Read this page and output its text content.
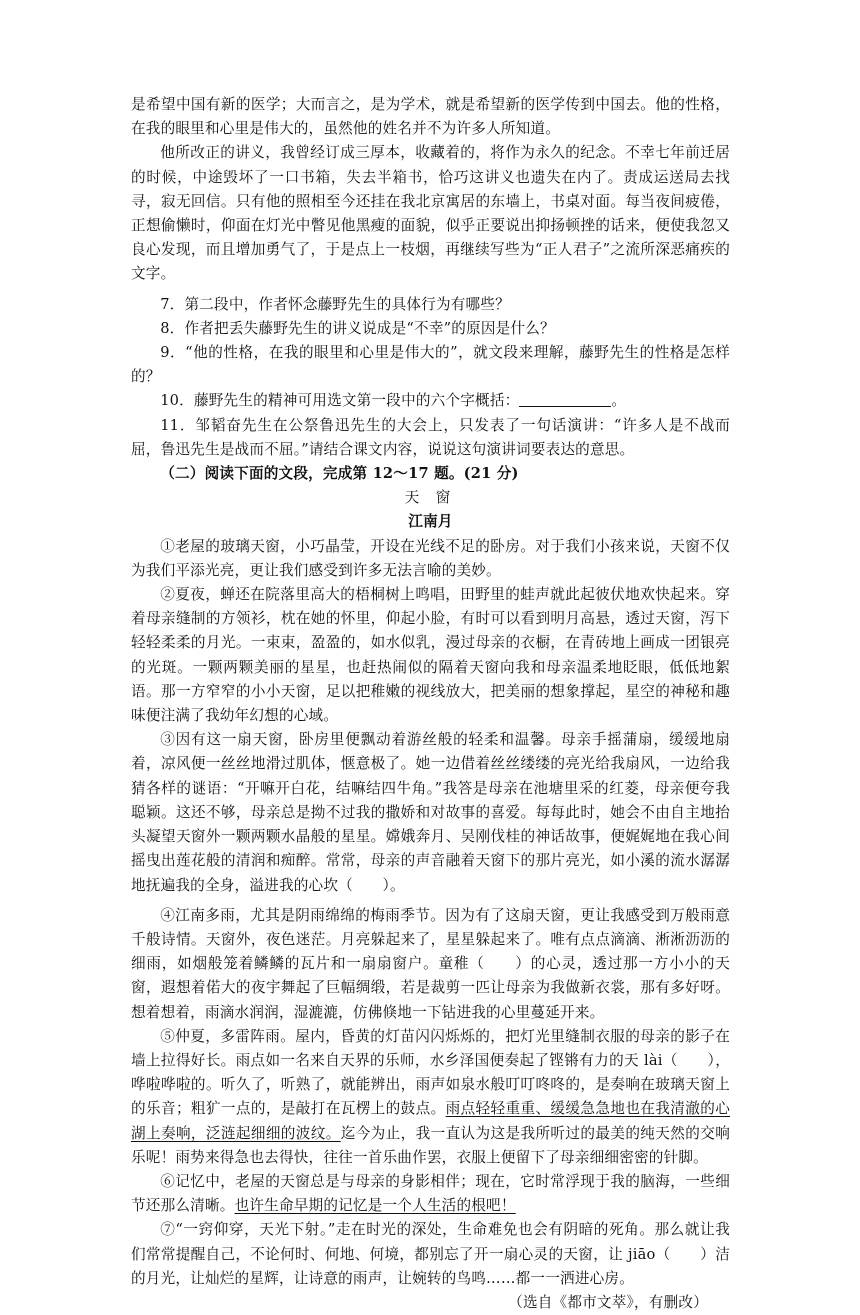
是希望中国有新的医学；大而言之，是为学术，就是希望新的医学传到中国去。他的性格，在我的眼里和心里是伟大的，虽然他的姓名并不为许多人所知道。

他所改正的讲义，我曾经订成三厚本，收藏着的，将作为永久的纪念。不幸七年前迁居的时候，中途毁坏了一口书箱，失去半箱书，恰巧这讲义也遗失在内了。责成运送局去找寻，寂无回信。只有他的照相至今还挂在我北京寓居的东墙上，书桌对面。每当夜间疲倦，正想偷懒时，仰面在灯光中瞥见他黑瘦的面貌，似乎正要说出抑扬顿挫的话来，便使我忽又良心发现，而且增加勇气了，于是点上一枝烟，再继续写些为“正人君子”之流所深恶痛疾的文字。

7．第二段中，作者怀念藤野先生的具体行为有哪些？

8．作者把丢失藤野先生的讲义说成是“不幸”的原因是什么？

9．“他的性格，在我的眼里和心里是伟大的”，就文段来理解，藤野先生的性格是怎样的？

10．藤野先生的精神可用选文第一段中的六个字概括：	。

11．邹韬奋先生在公祭鲁迅先生的大会上，只发表了一句话演讲：“许多人是不战而屈，鲁迅先生是战而不屈。”请结合课文内容，说说这句演讲词要表达的意思。

（二）阅读下面的文段，完成第 12～17 题。(21 分)

天 窗

江南月

①老屋的玻璃天窗，小巧晶莹，开设在光线不足的卧房。对于我们小孩来说，天窗不仅为我们平添光亮，更让我们感受到许多无法言喻的美妙。

②夏夜，蝉还在院落里高大的梧桐树上鸣唱，田野里的蛙声就此起彼伏地欢快起来。穿着母亲缝制的方领衫，枕在她的怀里，仰起小脸，有时可以看到明月高悬，透过天窗，泻下轻轻柔柔的月光。一束束，盈盈的，如水似乳，漫过母亲的衣橱，在青砖地上画成一团银亮的光斑。一颗两颗美丽的星星，也赶热闹似的隔着天窗向我和母亲温柔地眨眼，低低地絮语。那一方窄窄的小小天窗，足以把稚嫩的视线放大，把美丽的想象撑起，星空的神秘和趣味便注满了我幼年幻想的心域。

③因有这一扇天窗，卧房里便飘动着游丝般的轻柔和温馨。母亲手摇蒲扇，缓缓地扇着，凉风便一丝丝地滑过肌体，惬意极了。她一边借着丝丝缕缕的亮光给我扇风，一边给我猜各样的谜语：“开嘛开白花，结嘛结四牛角。”我答是母亲在池塘里采的红菱，母亲便夸我聪颖。这还不够，母亲总是拗不过我的撒娇和对故事的喜爱。每每此时，她会不由自主地抬头凝望天窗外一颗两颗水晶般的星星。嫦娥奔月、吴刚伐桂的神话故事，便娓娓地在我心间摇曳出莲花般的清润和痴醉。常常，母亲的声音融着天窗下的那片亮光，如小溪的流水潺潺地抚遍我的全身，溢进我的心坎（　　）。

④江南多雨，尤其是阴雨绵绵的梅雨季节。因为有了这扇天窗，更让我感受到万般雨意千般诗情。天窗外，夜色迷茫。月亮躲起来了，星星躲起来了。唯有点点滴滴、淅淅沥沥的细雨，如烟般笼着鳞鳞的瓦片和一扇扇窗户。童稚（　　）的心灵，透过那一方小小的天窗，遐想着偌大的夜宇舞起了巨幅绸缎，若是裁剪一匹让母亲为我做新衣裳，那有多好呀。想着想着，雨滴水润润，湿漉漉，仿佛倏地一下钻进我的心里蔓延开来。

⑤仲夏，多雷阵雨。屋内，昏黄的灯苗闪闪烁烁的，把灯光里缝制衣服的母亲的影子在墙上拉得好长。雨点如一名来自天界的乐师，水乡泽国便奏起了铿锵有力的天 lài（　　），哗啦哗啦的。听久了，听熟了，就能辨出，雨声如泉水般叮叮咚咚的，是奏响在玻璃天窗上的乐音；粗犷一点的，是敲打在瓦楞上的鼓点。雨点轻轻重重、缓缓急急地也在我清澈的心湖上奏响，泛涟起细细的波纹。迄今为止，我一直认为这是我所听过的最美的纯天然的交响乐呢！雨势来得急也去得快，往往一首乐曲作罢，衣服上便留下了母亲细细密密的针脚。

⑥记忆中，老屋的天窗总是与母亲的身影相伴；现在，它时常浮现于我的脑海，一些细节还那么清晰。也许生命早期的记忆是一个人生活的根吧！

⑦“一窍仰穿，天光下射。”走在时光的深处，生命难免也会有阴暗的死角。那么就让我们常常提醒自己，不论何时、何地、何境，都别忘了开一扇心灵的天窗，让 jiāo（　　）洁的月光，让灿烂的星辉，让诗意的雨声，让婉转的鸟鸣……都一一洒进心房。

（选自《都市文萃》，有删改）
